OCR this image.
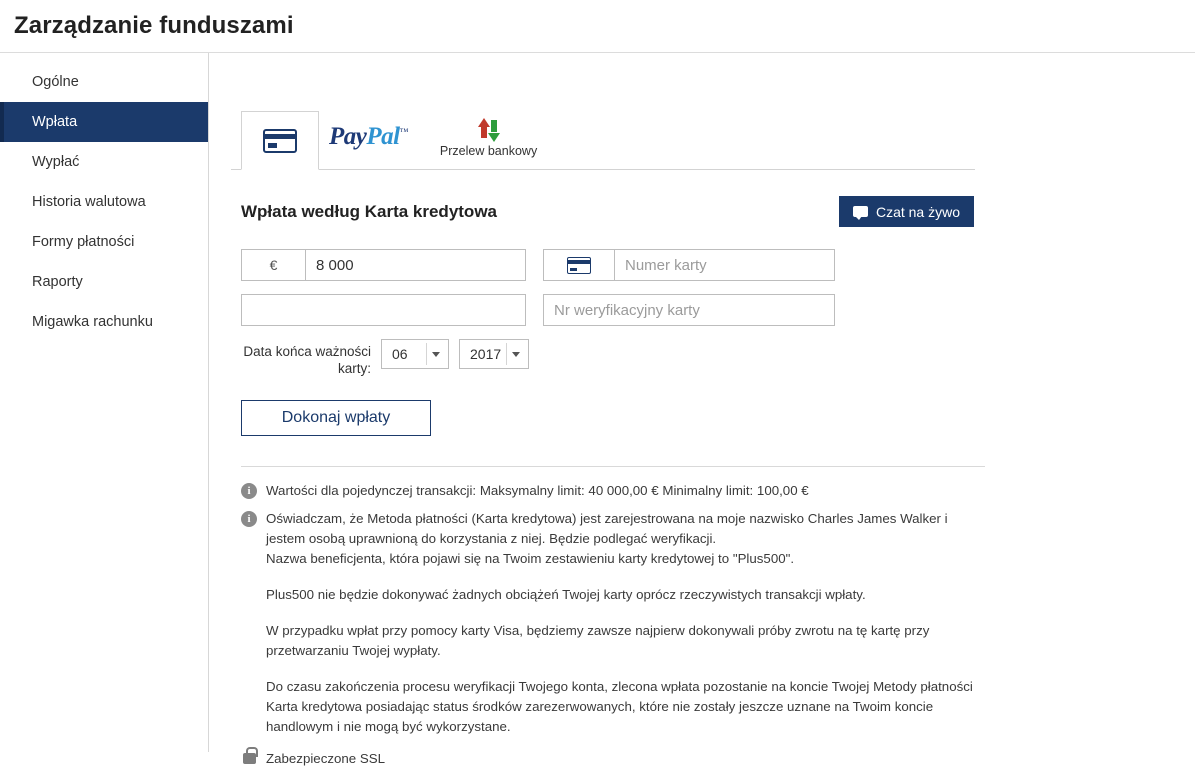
Zarządzanie funduszami
Ogólne
Wpłata
Wypłać
Historia walutowa
Formy płatności
Raporty
Migawka rachunku
PayPal™
Przelew bankowy
Wpłata według Karta kredytowa	Czat na żywo
€
8 000
Numer karty
Nr weryfikacyjny karty
Data końca ważności karty:
06	2017
Dokonaj wpłaty
i	Wartości dla pojedynczej transakcji: Maksymalny limit: 40 000,00 € Minimalny limit: 100,00 €
i	Oświadczam, że Metoda płatności (Karta kredytowa) jest zarejestrowana na moje nazwisko Charles James Walker i jestem osobą uprawnioną do korzystania z niej. Będzie podlegać weryfikacji.

Nazwa beneficjenta, która pojawi się na Twoim zestawieniu karty kredytowej to "Plus500".

Plus500 nie będzie dokonywać żadnych obciążeń Twojej karty oprócz rzeczywistych transakcji wpłaty.

W przypadku wpłat przy pomocy karty Visa, będziemy zawsze najpierw dokonywali próby zwrotu na tę kartę przy przetwarzaniu Twojej wypłaty.

Do czasu zakończenia procesu weryfikacji Twojego konta, zlecona wpłata pozostanie na koncie Twojej Metody płatności Karta kredytowa posiadając status środków zarezerwowanych, które nie zostały jeszcze uznane na Twoim koncie handlowym i nie mogą być wykorzystane.

Zabezpieczone SSL
